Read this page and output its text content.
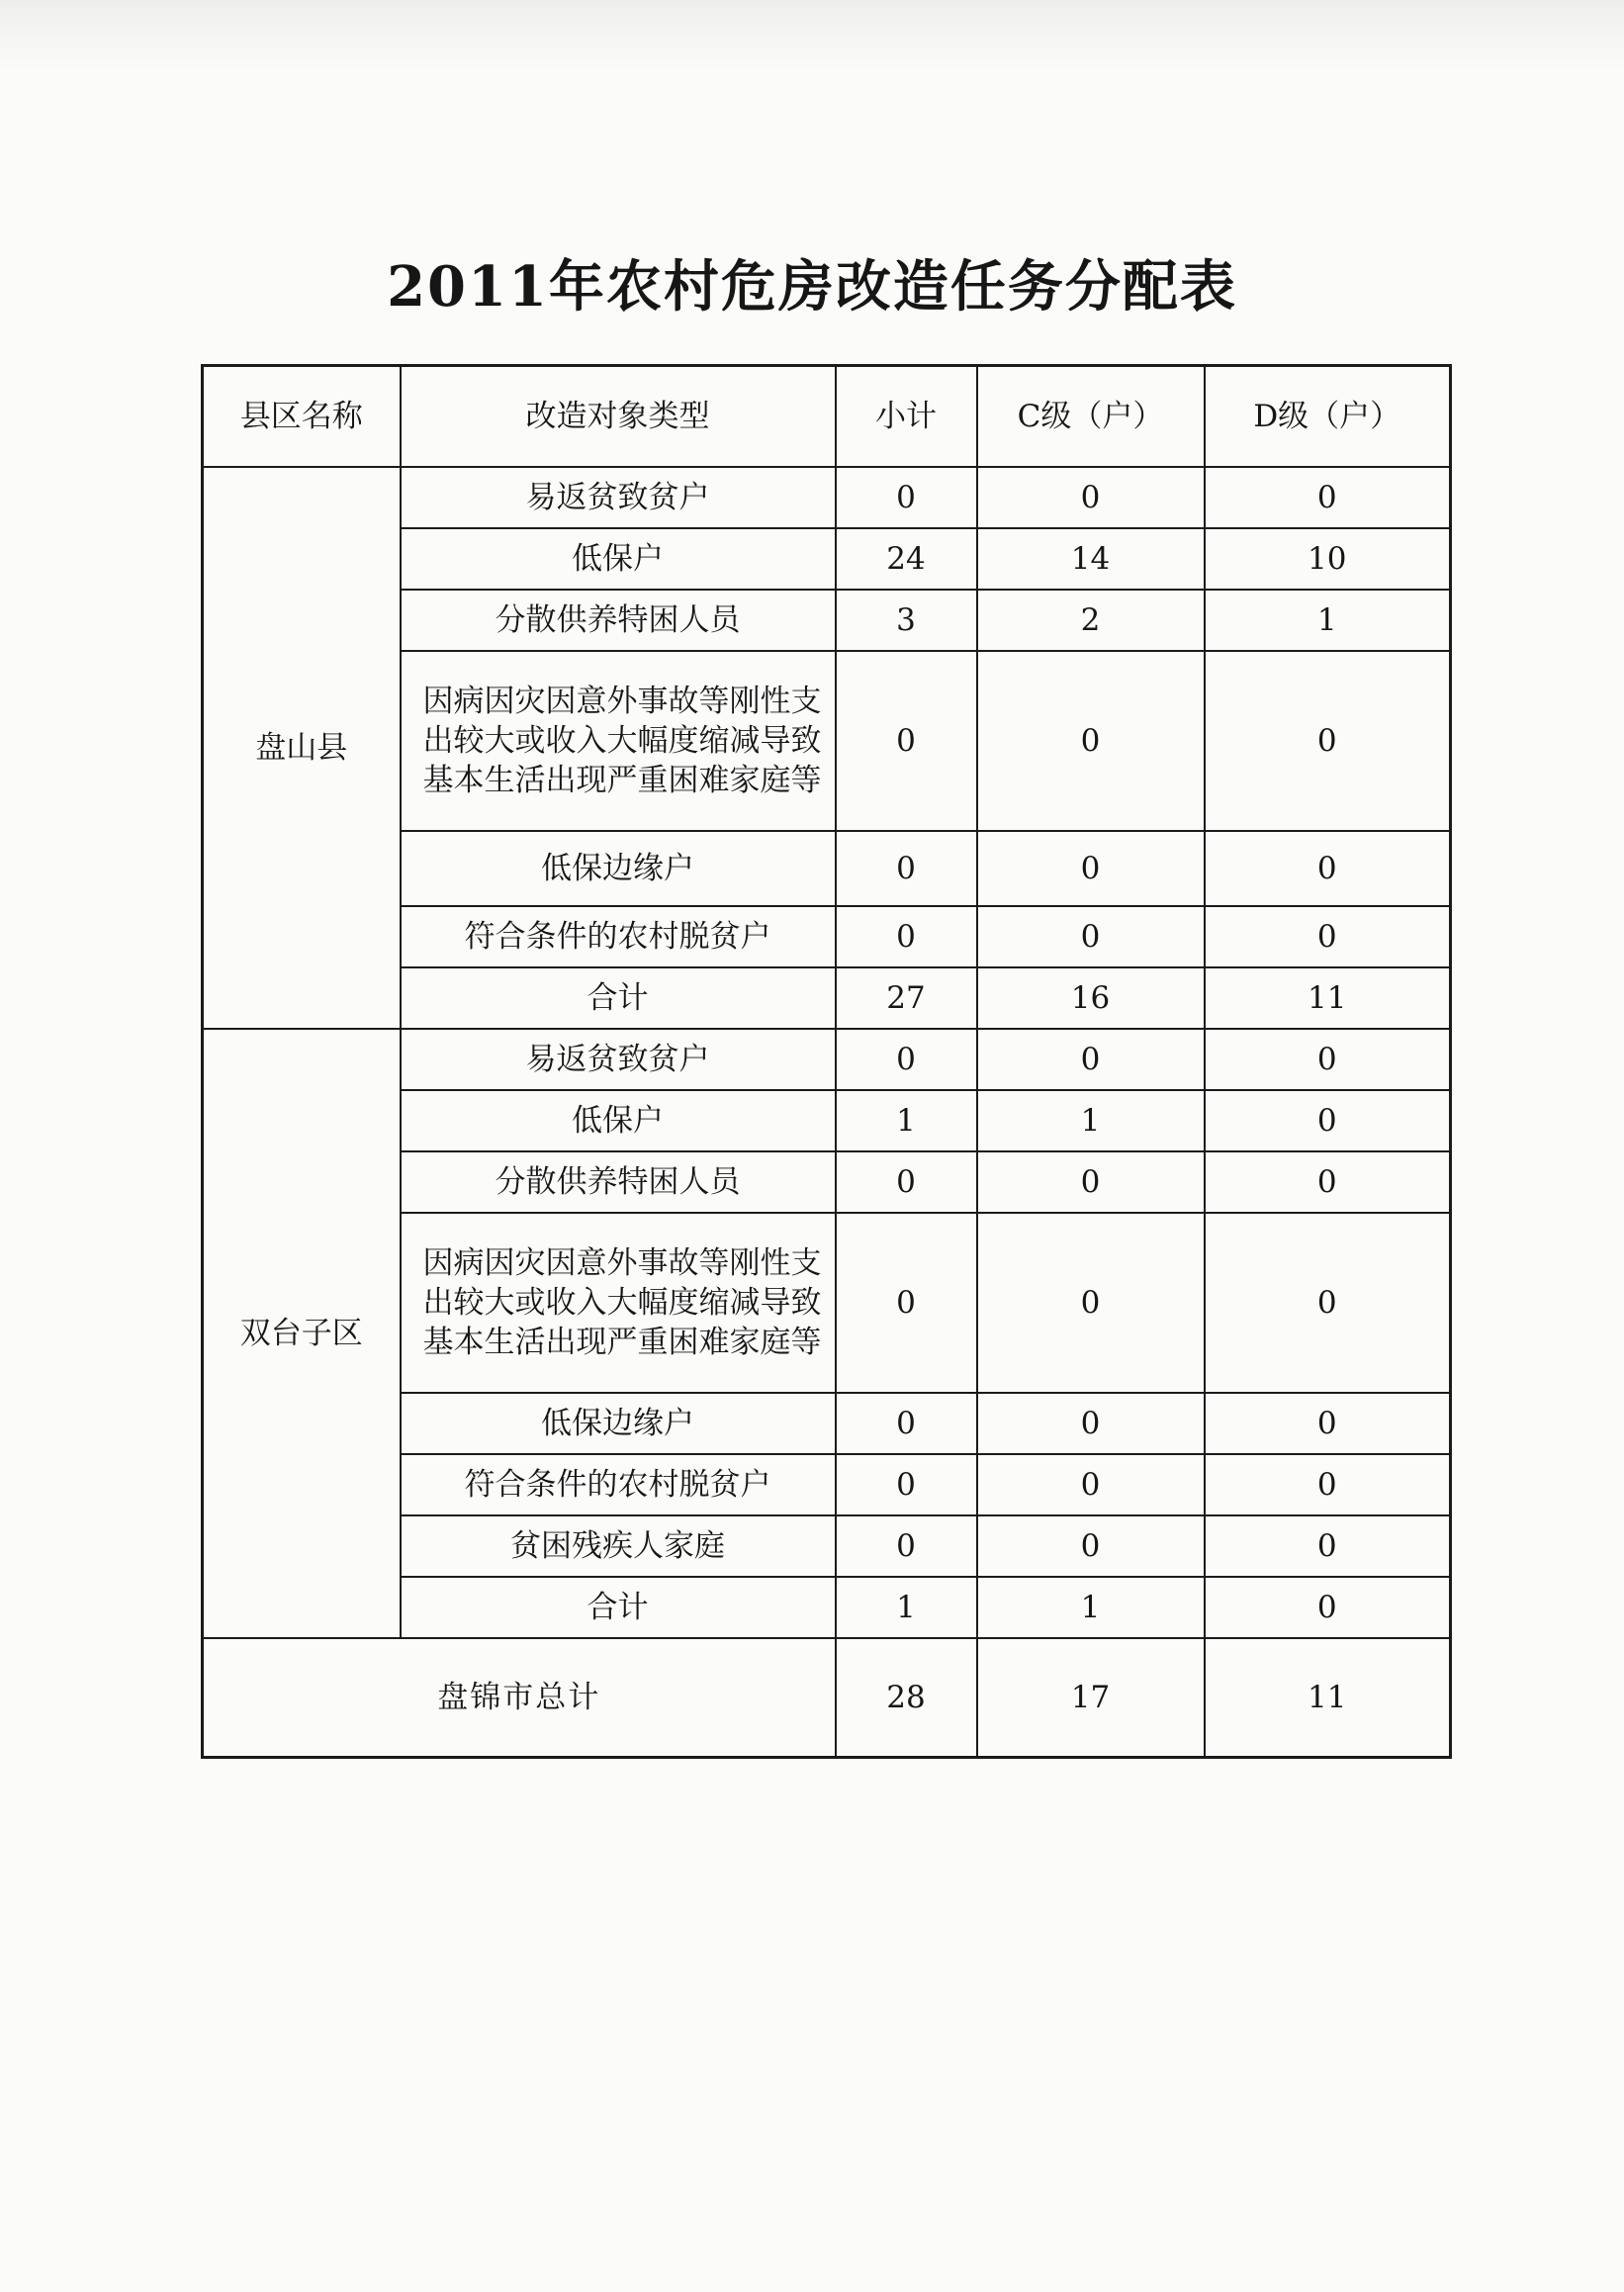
2011年农村危房改造任务分配表
县区名称	改造对象类型	小计	C级（户）	D级（户）
盘山县	易返贫致贫户	0	0	0
	低保户	24	14	10
	分散供养特困人员	3	2	1
	因病因灾因意外事故等刚性支出较大或收入大幅度缩减导致基本生活出现严重困难家庭等	0	0	0
	低保边缘户	0	0	0
	符合条件的农村脱贫户	0	0	0
	合计	27	16	11
双台子区	易返贫致贫户	0	0	0
	低保户	1	1	0
	分散供养特困人员	0	0	0
	因病因灾因意外事故等刚性支出较大或收入大幅度缩减导致基本生活出现严重困难家庭等	0	0	0
	低保边缘户	0	0	0
	符合条件的农村脱贫户	0	0	0
	贫困残疾人家庭	0	0	0
	合计	1	1	0
盘锦市总计		28	17	11
